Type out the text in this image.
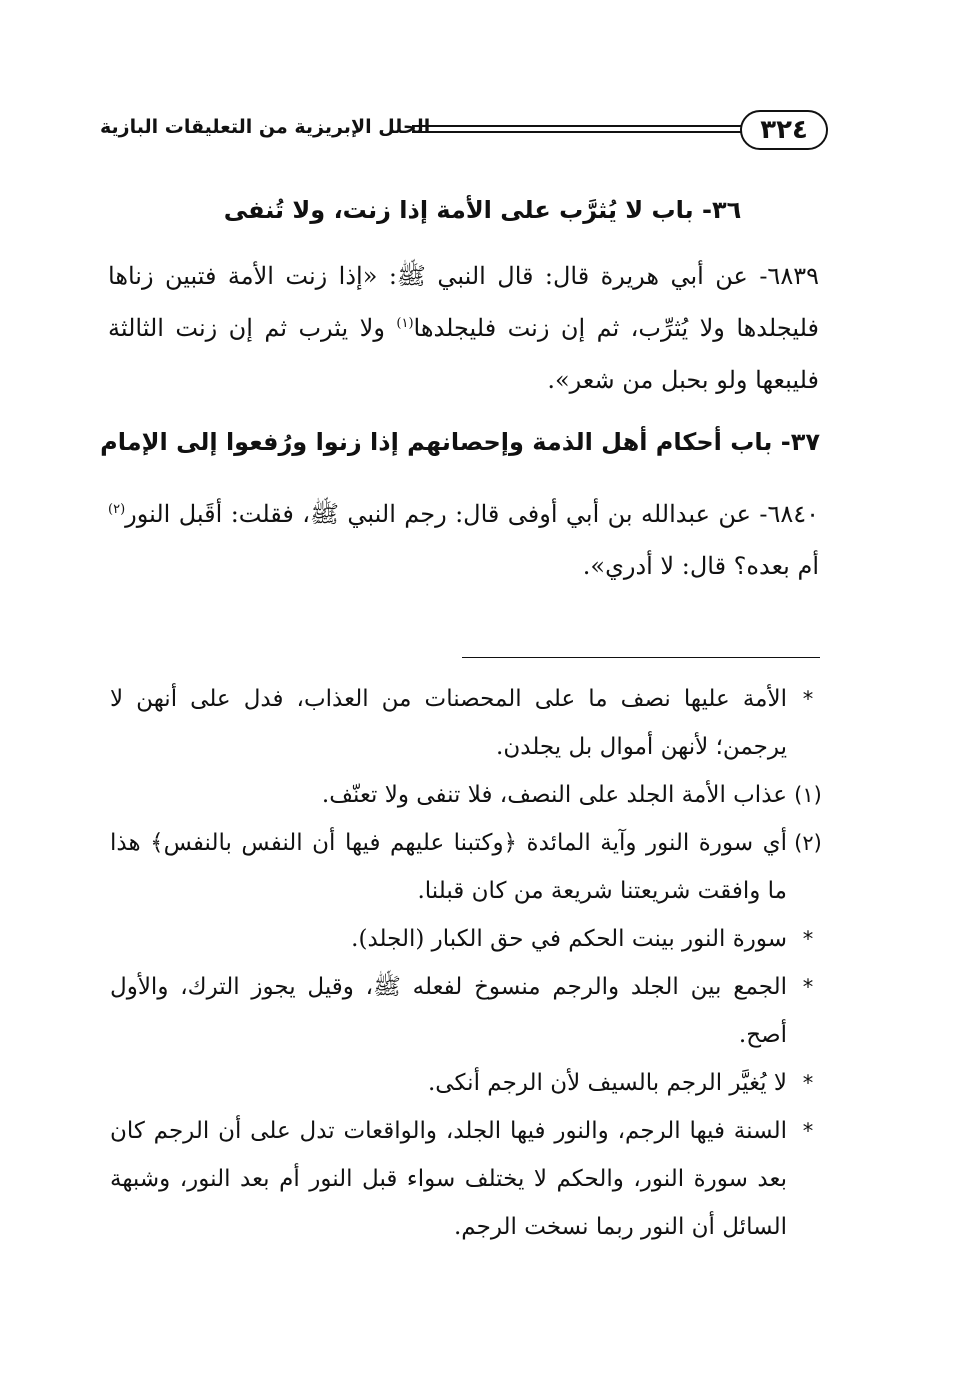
٣٢٤
الحلل الإبريزية من التعليقات البازية
٣٦- باب لا يُثرَّب على الأمة إذا زنت، ولا تُنفى

٦٨٣٩- عن أبي هريرة قال: قال النبي ﷺ: «إذا زنت الأمة فتبين زناها فليجلدها ولا يُثرِّب، ثم إن زنت فليجلدها$^{(١)}$ ولا يثرب ثم إن زنت الثالثة فليبعها ولو بحبل من شعر».

٣٧- باب أحكام أهل الذمة وإحصانهم إذا زنوا ورُفعوا إلى الإمام

٦٨٤٠- عن عبدالله بن أبي أوفى قال: رجم النبي ﷺ، فقلت: أقَبل النور$^{(٢)}$ أم بعده؟ قال: لا أدري».

*
الأمة عليها نصف ما على المحصنات من العذاب، فدل على أنهن لا يرجمن؛ لأنهن أموال بل يجلدن.

(١)
عذاب الأمة الجلد على النصف، فلا تنفى ولا تعنّف.

(٢)
أي سورة النور وآية المائدة ﴿وكتبنا عليهم فيها أن النفس بالنفس﴾ هذا ما وافقت شريعتنا شريعة من كان قبلنا.

*
سورة النور بينت الحكم في حق الكبار (الجلد).

*
الجمع بين الجلد والرجم منسوخ لفعله ﷺ، وقيل يجوز الترك، والأول أصح.

*
لا يُغيَّر الرجم بالسيف لأن الرجم أنكى.

*
السنة فيها الرجم، والنور فيها الجلد، والواقعات تدل على أن الرجم كان بعد سورة النور، والحكم لا يختلف سواء قبل النور أم بعد النور، وشبهة السائل أن النور ربما نسخت الرجم.
